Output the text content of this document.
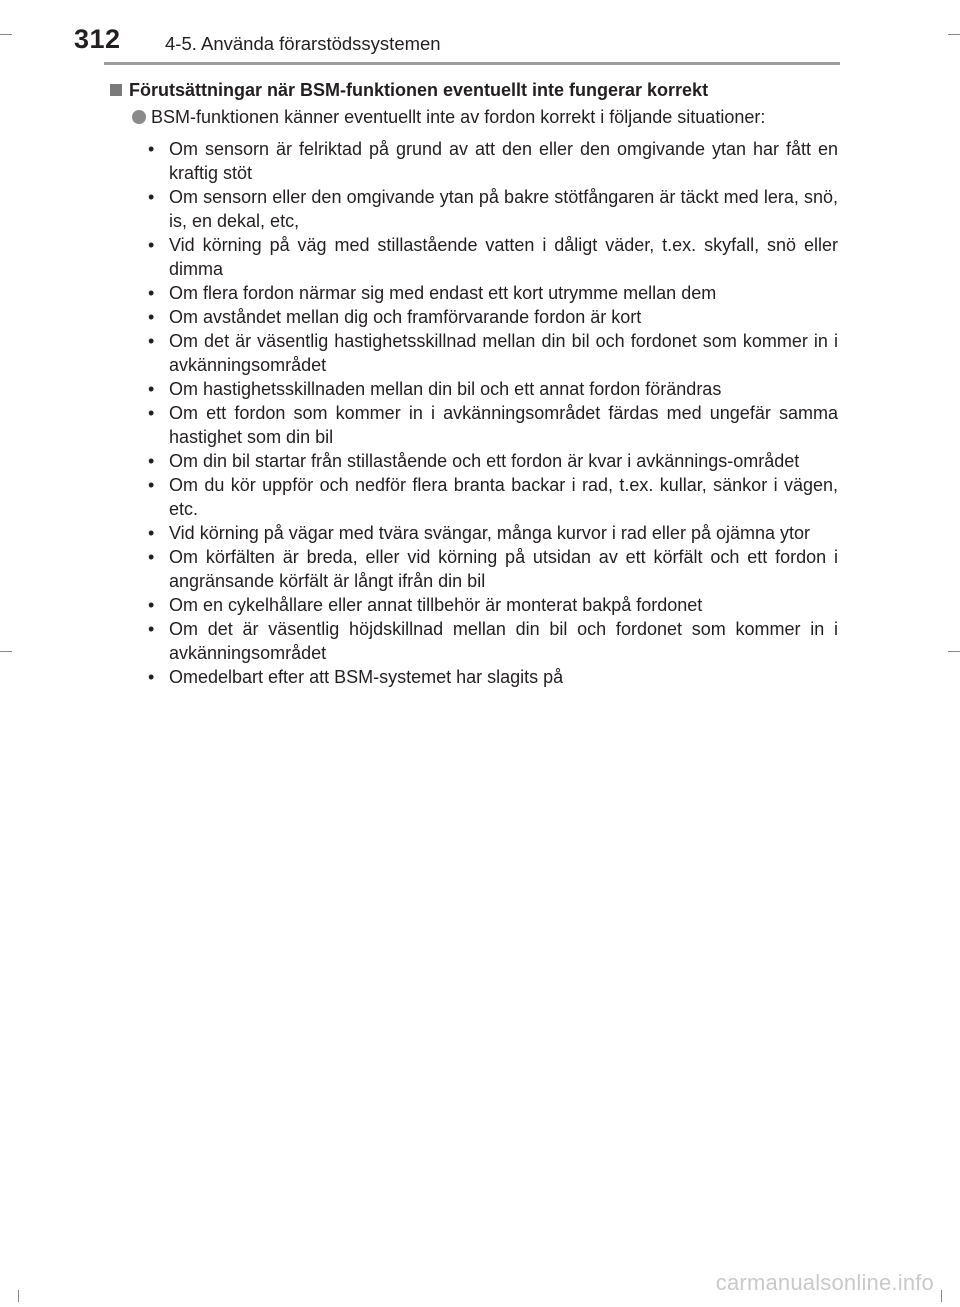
312 4-5. Använda förarstödssystemen
Förutsättningar när BSM-funktionen eventuellt inte fungerar korrekt
BSM-funktionen känner eventuellt inte av fordon korrekt i följande situationer:
• Om sensorn är felriktad på grund av att den eller den omgivande ytan har fått en kraftig stöt
• Om sensorn eller den omgivande ytan på bakre stötfångaren är täckt med lera, snö, is, en dekal, etc,
• Vid körning på väg med stillastående vatten i dåligt väder, t.ex. skyfall, snö eller dimma
• Om flera fordon närmar sig med endast ett kort utrymme mellan dem
• Om avståndet mellan dig och framförvarande fordon är kort
• Om det är väsentlig hastighetsskillnad mellan din bil och fordonet som kommer in i avkänningsområdet
• Om hastighetsskillnaden mellan din bil och ett annat fordon förändras
• Om ett fordon som kommer in i avkänningsområdet färdas med ungefär samma hastighet som din bil
• Om din bil startar från stillastående och ett fordon är kvar i avkännings-området
• Om du kör uppför och nedför flera branta backar i rad, t.ex. kullar, sänkor i vägen, etc.
• Vid körning på vägar med tvära svängar, många kurvor i rad eller på ojämna ytor
• Om körfälten är breda, eller vid körning på utsidan av ett körfält och ett fordon i angränsande körfält är långt ifrån din bil
• Om en cykelhållare eller annat tillbehör är monterat bakpå fordonet
• Om det är väsentlig höjdskillnad mellan din bil och fordonet som kommer in i avkänningsområdet
• Omedelbart efter att BSM-systemet har slagits på
carmanualsonline.info
